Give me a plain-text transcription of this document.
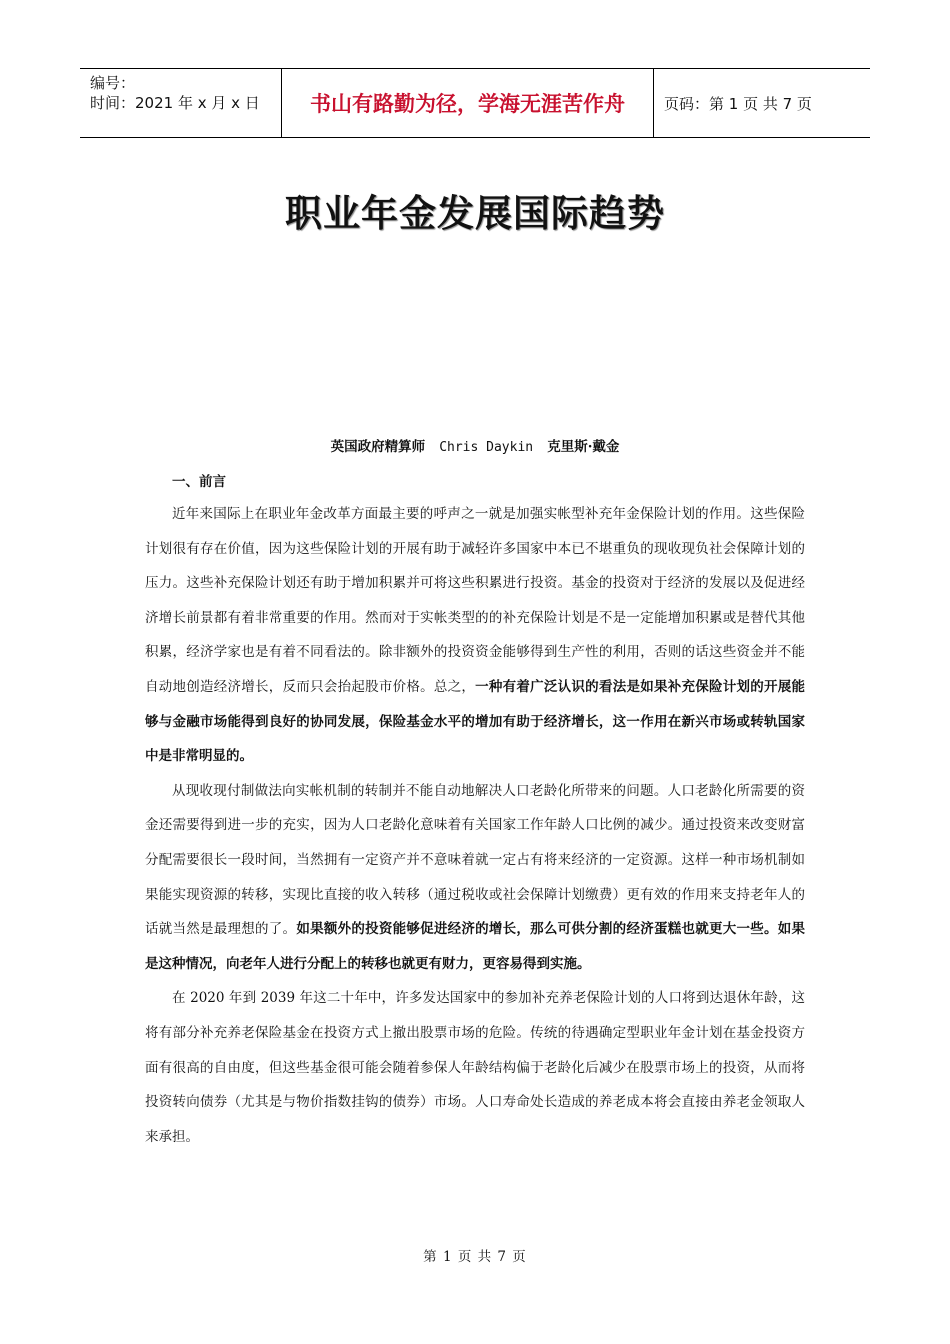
编号：
时间：2021 年 x 月 x 日	书山有路勤为径，学海无涯苦作舟	页码：第 1 页 共 7 页
职业年金发展国际趋势
英国政府精算师 Chris Daykin 克里斯·戴金
一、前言

近年来国际上在职业年金改革方面最主要的呼声之一就是加强实帐型补充年金保险计划的作用。这些保险计划很有存在价值，因为这些保险计划的开展有助于减轻许多国家中本已不堪重负的现收现负社会保障计划的压力。这些补充保险计划还有助于增加积累并可将这些积累进行投资。基金的投资对于经济的发展以及促进经济增长前景都有着非常重要的作用。然而对于实帐类型的的补充保险计划是不是一定能增加积累或是替代其他积累，经济学家也是有着不同看法的。除非额外的投资资金能够得到生产性的利用，否则的话这些资金并不能自动地创造经济增长，反而只会抬起股市价格。总之，一种有着广泛认识的看法是如果补充保险计划的开展能够与金融市场能得到良好的协同发展，保险基金水平的增加有助于经济增长，这一作用在新兴市场或转轨国家中是非常明显的。

从现收现付制做法向实帐机制的转制并不能自动地解决人口老龄化所带来的问题。人口老龄化所需要的资金还需要得到进一步的充实，因为人口老龄化意味着有关国家工作年龄人口比例的减少。通过投资来改变财富分配需要很长一段时间，当然拥有一定资产并不意味着就一定占有将来经济的一定资源。这样一种市场机制如果能实现资源的转移，实现比直接的收入转移（通过税收或社会保障计划缴费）更有效的作用来支持老年人的话就当然是最理想的了。如果额外的投资能够促进经济的增长，那么可供分割的经济蛋糕也就更大一些。如果是这种情况，向老年人进行分配上的转移也就更有财力，更容易得到实施。

在 2020 年到 2039 年这二十年中，许多发达国家中的参加补充养老保险计划的人口将到达退休年龄，这将有部分补充养老保险基金在投资方式上撤出股票市场的危险。传统的待遇确定型职业年金计划在基金投资方面有很高的自由度，但这些基金很可能会随着参保人年龄结构偏于老龄化后减少在股票市场上的投资，从而将投资转向债券（尤其是与物价指数挂钩的债券）市场。人口寿命处长造成的养老成本将会直接由养老金领取人来承担。

第 1 页 共 7 页
